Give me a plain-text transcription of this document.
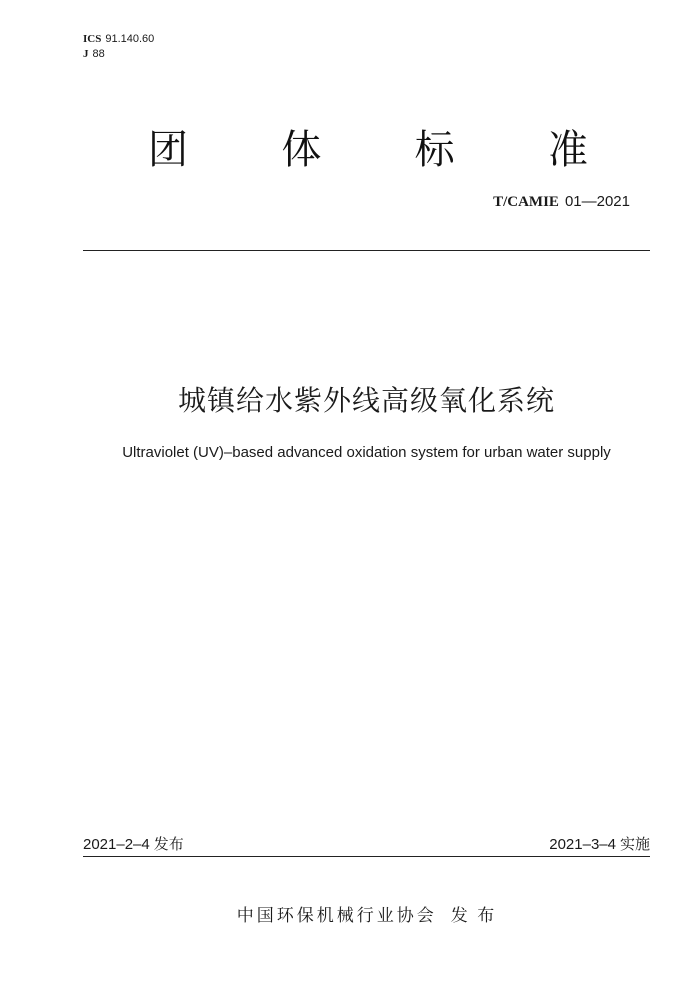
ICS 91.140.60
J 88
团 体 标 准
T/CAMIE 01—2021
城镇给水紫外线高级氧化系统
Ultraviolet (UV)–based advanced oxidation system for urban water supply
2021–2–4 发布	2021–3–4 实施
中国环保机械行业协会 发 布
